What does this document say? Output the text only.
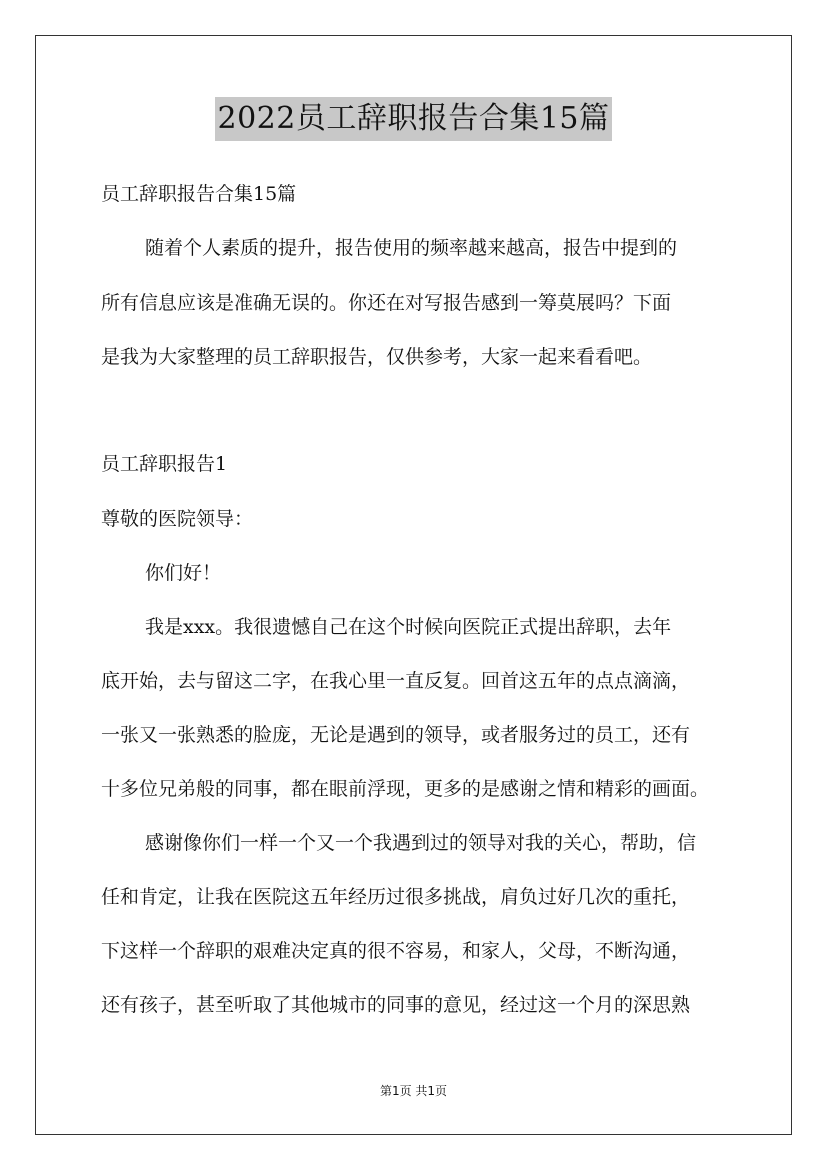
2022员工辞职报告合集15篇
员工辞职报告合集15篇
随着个人素质的提升，报告使用的频率越来越高，报告中提到的
所有信息应该是准确无误的。你还在对写报告感到一筹莫展吗？下面
是我为大家整理的员工辞职报告，仅供参考，大家一起来看看吧。
员工辞职报告1
尊敬的医院领导：
你们好！
我是xxx。我很遗憾自己在这个时候向医院正式提出辞职，去年
底开始，去与留这二字，在我心里一直反复。回首这五年的点点滴滴，
一张又一张熟悉的脸庞，无论是遇到的领导，或者服务过的员工，还有
十多位兄弟般的同事，都在眼前浮现，更多的是感谢之情和精彩的画面。
感谢像你们一样一个又一个我遇到过的领导对我的关心，帮助，信
任和肯定，让我在医院这五年经历过很多挑战，肩负过好几次的重托，
下这样一个辞职的艰难决定真的很不容易，和家人，父母，不断沟通，
还有孩子，甚至听取了其他城市的同事的意见，经过这一个月的深思熟
第1页 共1页
